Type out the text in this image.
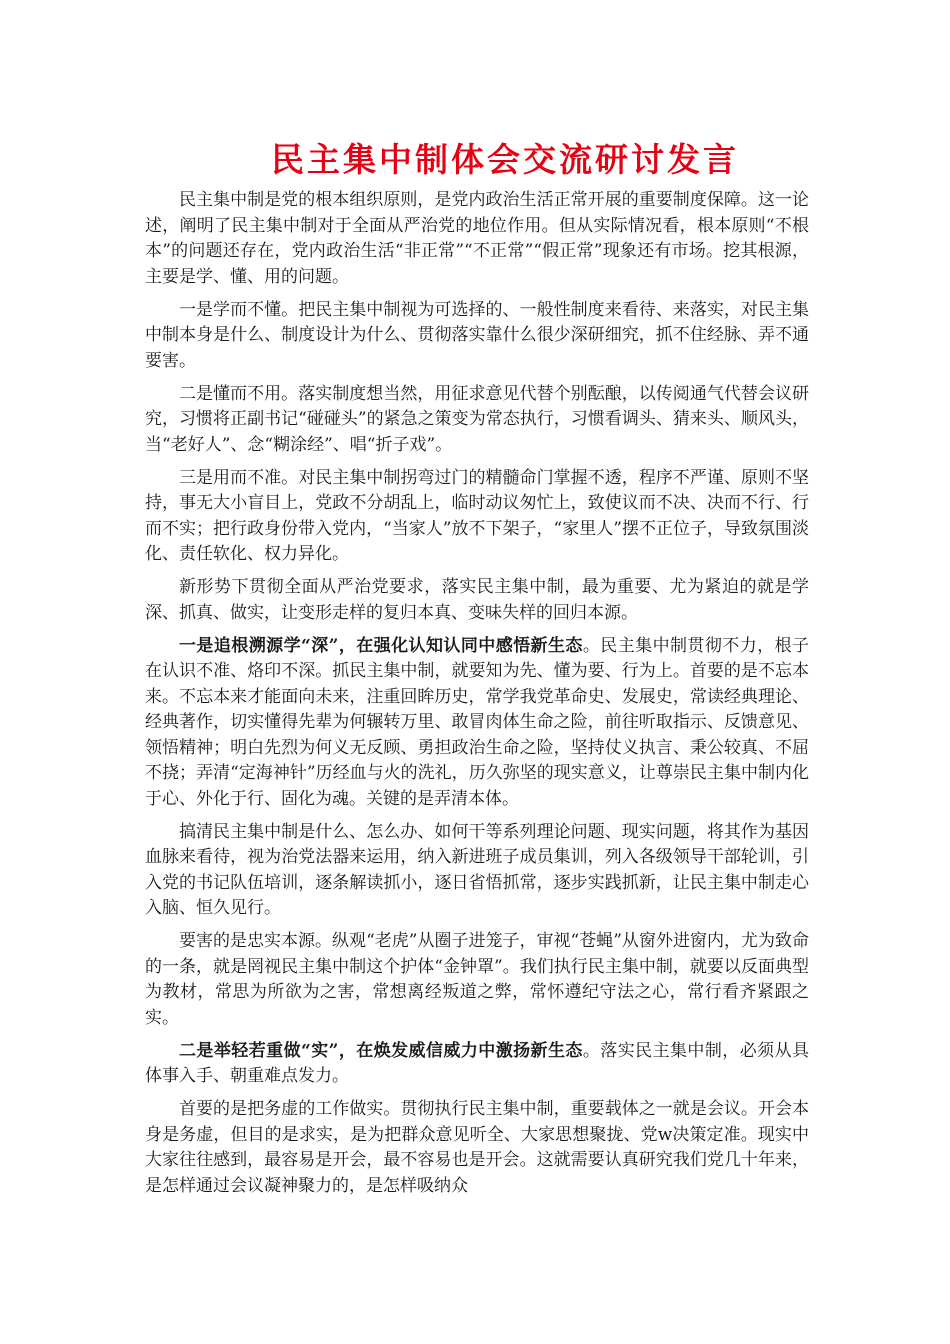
民主集中制体会交流研讨发言

民主集中制是党的根本组织原则，是党内政治生活正常开展的重要制度保障。这一论述，阐明了民主集中制对于全面从严治党的地位作用。但从实际情况看，根本原则“不根本”的问题还存在，党内政治生活“非正常”“不正常”“假正常”现象还有市场。挖其根源，主要是学、懂、用的问题。

一是学而不懂。把民主集中制视为可选择的、一般性制度来看待、来落实，对民主集中制本身是什么、制度设计为什么、贯彻落实靠什么很少深研细究，抓不住经脉、弄不通要害。

二是懂而不用。落实制度想当然，用征求意见代替个别酝酿，以传阅通气代替会议研究，习惯将正副书记“碰碰头”的紧急之策变为常态执行，习惯看调头、猜来头、顺风头，当“老好人”、念“糊涂经”、唱“折子戏”。

三是用而不准。对民主集中制拐弯过门的精髓命门掌握不透，程序不严谨、原则不坚持，事无大小盲目上，党政不分胡乱上，临时动议匆忙上，致使议而不决、决而不行、行而不实；把行政身份带入党内，“当家人”放不下架子，“家里人”摆不正位子，导致氛围淡化、责任软化、权力异化。

新形势下贯彻全面从严治党要求，落实民主集中制，最为重要、尤为紧迫的就是学深、抓真、做实，让变形走样的复归本真、变味失样的回归本源。

一是追根溯源学“深”，在强化认知认同中感悟新生态。民主集中制贯彻不力，根子在认识不准、烙印不深。抓民主集中制，就要知为先、懂为要、行为上。首要的是不忘本来。不忘本来才能面向未来，注重回眸历史，常学我党革命史、发展史，常读经典理论、经典著作，切实懂得先辈为何辗转万里、敢冒肉体生命之险，前往听取指示、反馈意见、领悟精神；明白先烈为何义无反顾、勇担政治生命之险，坚持仗义执言、秉公较真、不屈不挠；弄清“定海神针”历经血与火的洗礼，历久弥坚的现实意义，让尊崇民主集中制内化于心、外化于行、固化为魂。关键的是弄清本体。

搞清民主集中制是什么、怎么办、如何干等系列理论问题、现实问题，将其作为基因血脉来看待，视为治党法器来运用，纳入新进班子成员集训，列入各级领导干部轮训，引入党的书记队伍培训，逐条解读抓小，逐日省悟抓常，逐步实践抓新，让民主集中制走心入脑、恒久见行。

要害的是忠实本源。纵观“老虎”从圈子进笼子，审视“苍蝇”从窗外进窗内，尤为致命的一条，就是罔视民主集中制这个护体“金钟罩”。我们执行民主集中制，就要以反面典型为教材，常思为所欲为之害，常想离经叛道之弊，常怀遵纪守法之心，常行看齐紧跟之实。

二是举轻若重做“实”，在焕发威信威力中激扬新生态。落实民主集中制，必须从具体事入手、朝重难点发力。

首要的是把务虚的工作做实。贯彻执行民主集中制，重要载体之一就是会议。开会本身是务虚，但目的是求实，是为把群众意见听全、大家思想聚拢、党w决策定准。现实中大家往往感到，最容易是开会，最不容易也是开会。这就需要认真研究我们党几十年来，是怎样通过会议凝神聚力的，是怎样吸纳众
